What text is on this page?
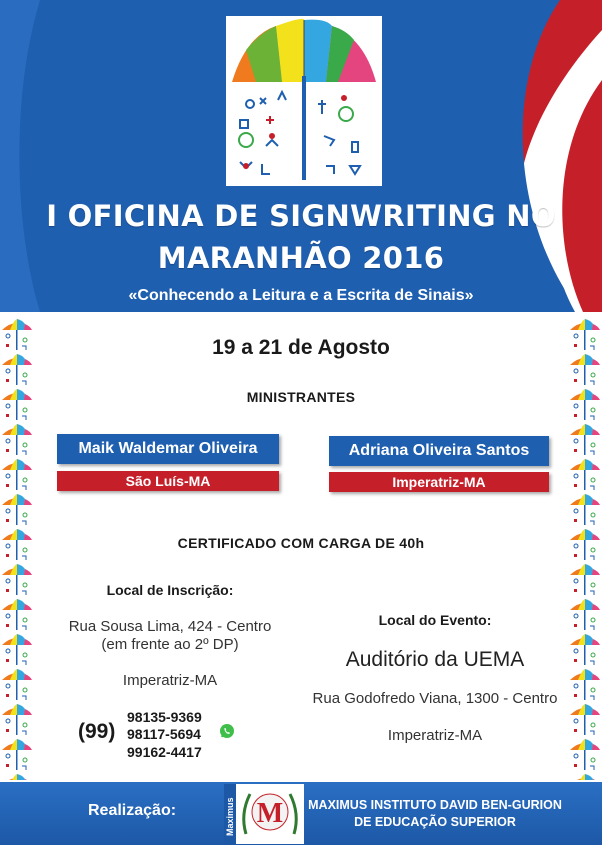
I OFICINA DE SIGNWRITING NO
MARANHÃO 2016
«Conhecendo a Leitura e a Escrita de Sinais»
19 a 21 de Agosto
MINISTRANTES
Maik Waldemar Oliveira
São Luís-MA
Adriana Oliveira Santos
Imperatriz-MA
CERTIFICADO COM CARGA DE 40h
Local de Inscrição:
Rua Sousa Lima, 424 - Centro
(em frente ao 2º DP)
Imperatriz-MA
(99)
98135-9369
98117-5694
99162-4417
Local do Evento:
Auditório da UEMA
Rua Godofredo Viana, 1300 - Centro
Imperatriz-MA
Realização:	Maximus M	MAXIMUS INSTITUTO DAVID BEN-GURION
DE EDUCAÇÃO SUPERIOR
